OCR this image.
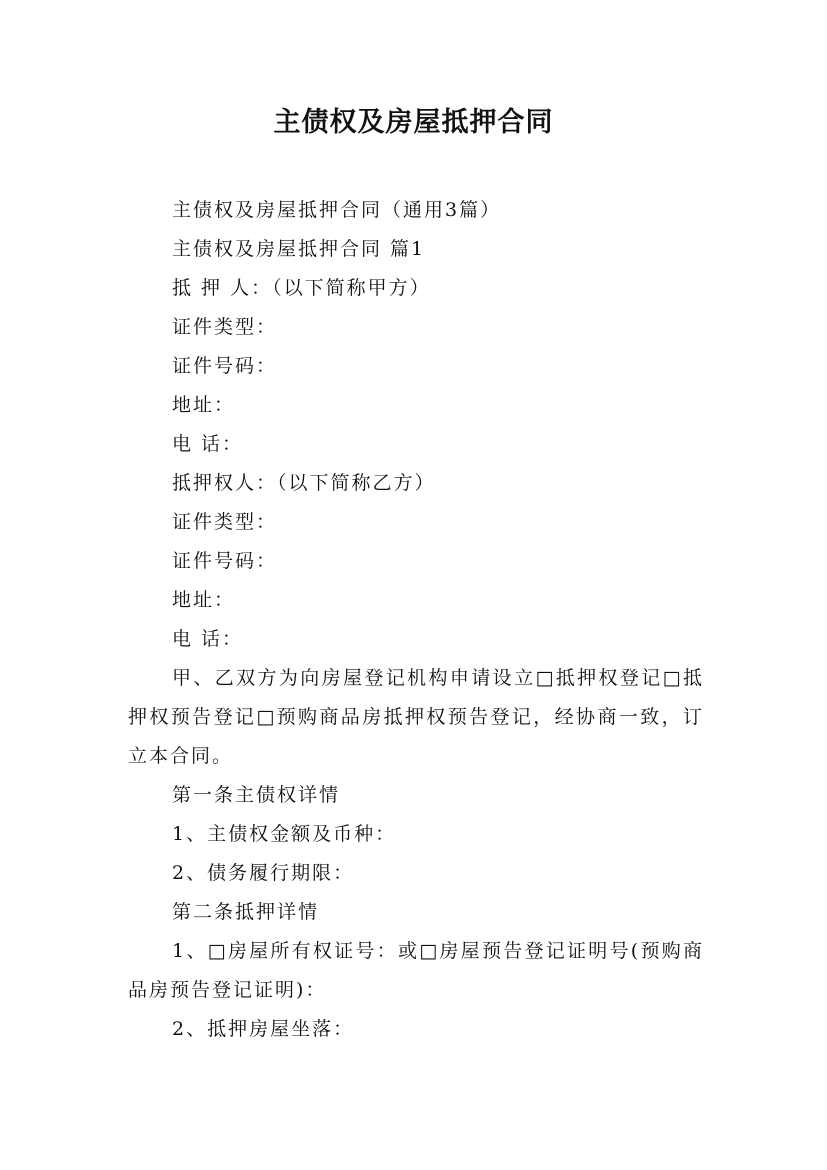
主债权及房屋抵押合同

主债权及房屋抵押合同（通用3篇）

主债权及房屋抵押合同 篇1

抵 押 人：（以下简称甲方）

证件类型：

证件号码：

地址：

电 话：

抵押权人：（以下简称乙方）

证件类型：

证件号码：

地址：

电 话：

甲、乙双方为向房屋登记机构申请设立□抵押权登记□抵押权预告登记□预购商品房抵押权预告登记，经协商一致，订立本合同。

第一条主债权详情

1、主债权金额及币种：

2、债务履行期限：

第二条抵押详情

1、□房屋所有权证号：或□房屋预告登记证明号(预购商品房预告登记证明)：

2、抵押房屋坐落：
